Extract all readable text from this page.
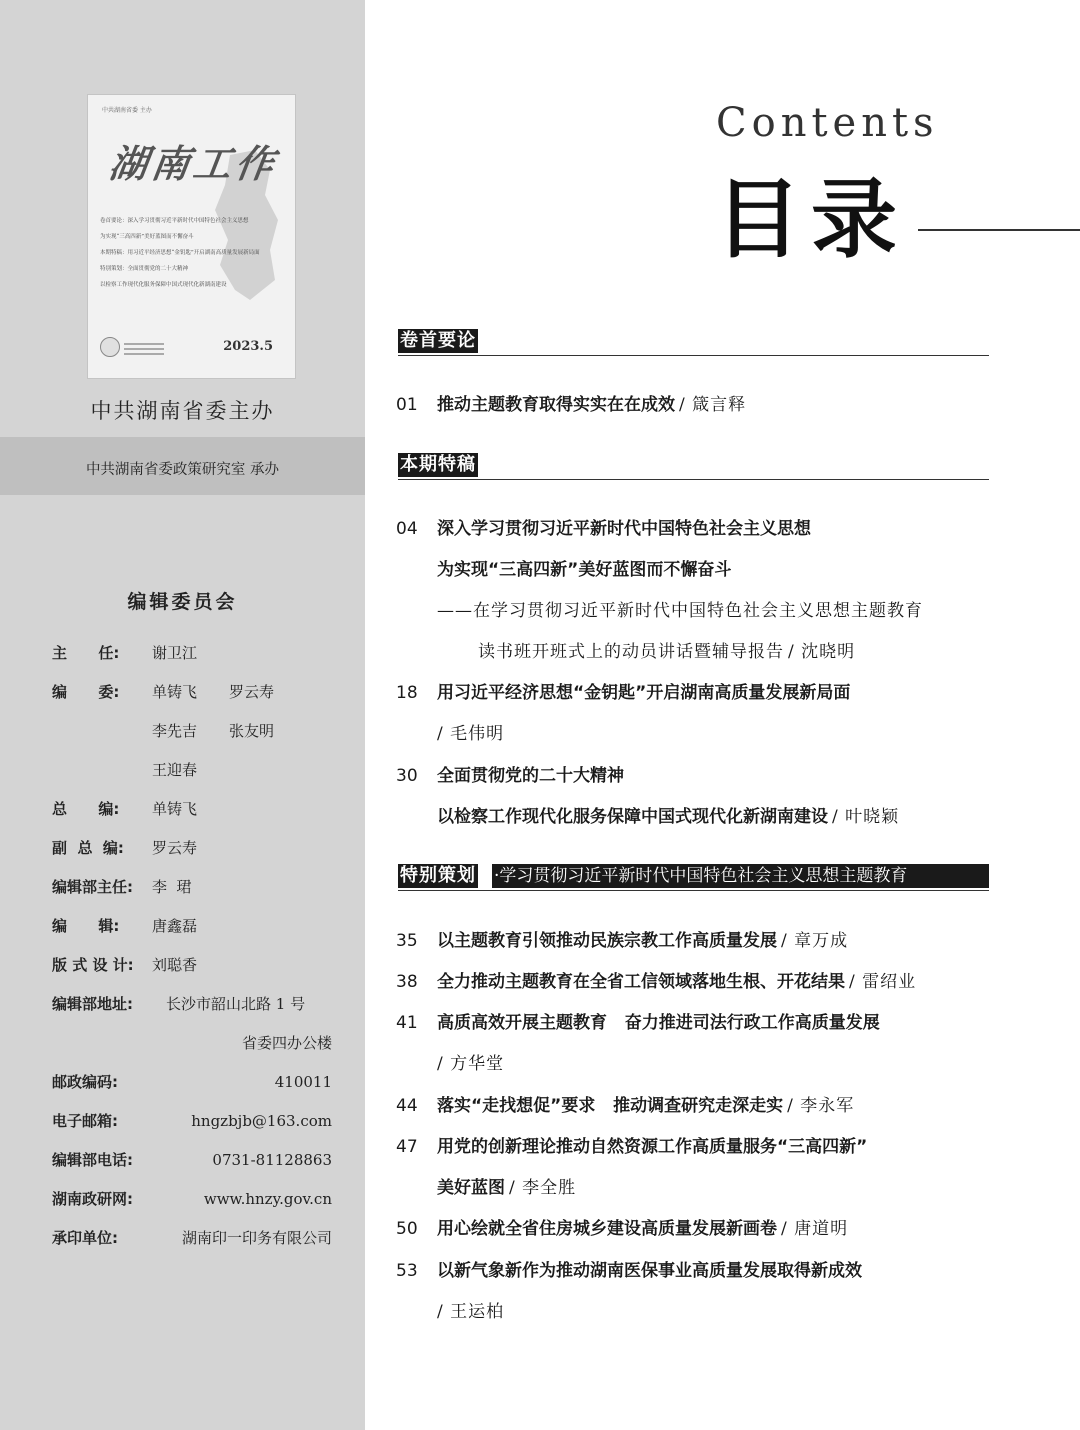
中共湖南省委 主办
湖南工作
卷首要论：深入学习贯彻习近平新时代中国特色社会主义思想
为实现“三高四新”美好蓝图而不懈奋斗
本期特稿：用习近平经济思想“金钥匙”开启湖南高质量发展新局面
特别策划：全面贯彻党的二十大精神
以检察工作现代化服务保障中国式现代化新湖南建设
2023.5
中共湖南省委主办
中共湖南省委政策研究室 承办
编辑委员会
主      任: 谢卫江
编      委: 单铸飞 罗云寿
李先吉 张友明
王迎春
总      编: 单铸飞
副  总  编: 罗云寿
编辑部主任: 李  珺
编      辑: 唐鑫磊
版 式 设 计: 刘聪香
编辑部地址: 长沙市韶山北路 1 号
省委四办公楼
邮政编码:	410011
电子邮箱:	hngzbjb@163.com
编辑部电话:	0731-81128863
湖南政研网:	www.hnzy.gov.cn
承印单位:	湖南印一印务有限公司
Contents
目录
卷首要论
01 推动主题教育取得实实在在成效 / 箴言释
本期特稿
04 深入学习贯彻习近平新时代中国特色社会主义思想
为实现“三高四新”美好蓝图而不懈奋斗
——在学习贯彻习近平新时代中国特色社会主义思想主题教育
读书班开班式上的动员讲话暨辅导报告 / 沈晓明
18 用习近平经济思想“金钥匙”开启湖南高质量发展新局面
/ 毛伟明
30 全面贯彻党的二十大精神
以检察工作现代化服务保障中国式现代化新湖南建设 / 叶晓颖
特别策划 ·学习贯彻习近平新时代中国特色社会主义思想主题教育
35 以主题教育引领推动民族宗教工作高质量发展 / 章万成
38 全力推动主题教育在全省工信领域落地生根、开花结果 / 雷绍业
41 高质高效开展主题教育   奋力推进司法行政工作高质量发展
/ 方华堂
44 落实“走找想促”要求   推动调查研究走深走实 / 李永军
47 用党的创新理论推动自然资源工作高质量服务“三高四新”
美好蓝图 / 李全胜
50 用心绘就全省住房城乡建设高质量发展新画卷 / 唐道明
53 以新气象新作为推动湖南医保事业高质量发展取得新成效
/ 王运柏
